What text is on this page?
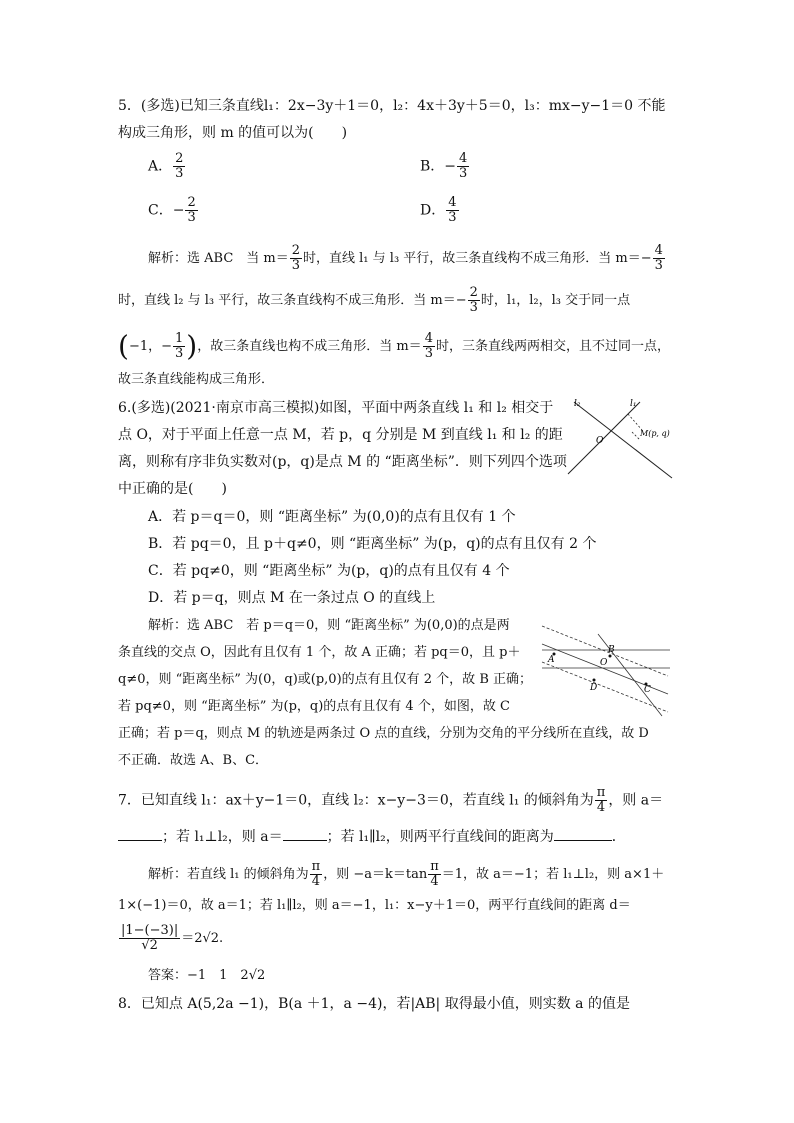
5．(多选)已知三条直线l₁：2x−3y＋1＝0，l₂：4x＋3y＋5＝0，l₃：mx−y−1＝0 不能
构成三角形，则 m 的值可以为(　　)
A． $\frac{2}{3}$	B．− $\frac{4}{3}$
C．− $\frac{2}{3}$	D． $\frac{4}{3}$
解析：选 ABC　当 $m= \frac{2}{3}$ 时，直线 l₁ 与 l₃ 平行，故三条直线构不成三角形．当 $m=- \frac{4}{3}$
时，直线 l₂ 与 l₃ 平行，故三条直线构不成三角形．当 $m=- \frac{2}{3}$ 时，l₁，l₂，l₃ 交于同一点
(−1，− $\frac{1}{3}$ )，故三条直线也构不成三角形．当 $m= \frac{4}{3}$ 时，三条直线两两相交，且不过同一点，
故三条直线能构成三角形．
6.(多选)(2021·南京市高三模拟)如图，平面中两条直线 l₁ 和 l₂ 相交于
点 O，对于平面上任意一点 M，若 p，q 分别是 M 到直线 l₁ 和 l₂ 的距
离，则称有序非负实数对(p，q)是点 M 的 “距离坐标”．则下列四个选项
中正确的是(　　)
l₂	l₁
O
M(p, q)
A．若 p＝q＝0，则 “距离坐标” 为(0,0)的点有且仅有 1 个
B．若 pq＝0，且 p＋q≠0，则 “距离坐标” 为(p，q)的点有且仅有 2 个
C．若 pq≠0，则 “距离坐标” 为(p，q)的点有且仅有 4 个
D．若 p＝q，则点 M 在一条过点 O 的直线上
解析：选 ABC　若 p＝q＝0，则 “距离坐标” 为(0,0)的点是两
条直线的交点 O，因此有且仅有 1 个，故 A 正确；若 pq＝0，且 p＋
q≠0，则 “距离坐标” 为(0，q)或(p,0)的点有且仅有 2 个，故 B 正确；
若 pq≠0，则 “距离坐标” 为(p，q)的点有且仅有 4 个，如图，故 C
正确；若 p＝q，则点 M 的轨迹是两条过 O 点的直线，分别为交角的平分线所在直线，故 D
不正确．故选 A、B、C．
A
B
O
D	C
7．已知直线 l₁：ax＋y−1＝0，直线 l₂：x−y−3＝0，若直线 l₁ 的倾斜角为 $\frac{\pi}{4}$ ，则 a＝
；若 l₁⊥l₂，则 a＝	；若 l₁∥l₂，则两平行直线间的距离为	．
解析：若直线 l₁ 的倾斜角为 $\frac{\pi}{4}$ ，则 $-a=k=\tan \frac{\pi}{4} =1$，故 a＝−1；若 l₁⊥l₂，则 a×1＋
1×(−1)＝0，故 a＝1；若 l₁∥l₂，则 a＝−1，l₁：x−y＋1＝0，两平行直线间的距离 d＝
$\frac{|1-(-3)|}{√2} =2√2$.
答案：−1　1　2√2
8．已知点 A(5,2a −1)，B(a ＋1，a −4)，若|AB| 取得最小值，则实数 a 的值是
